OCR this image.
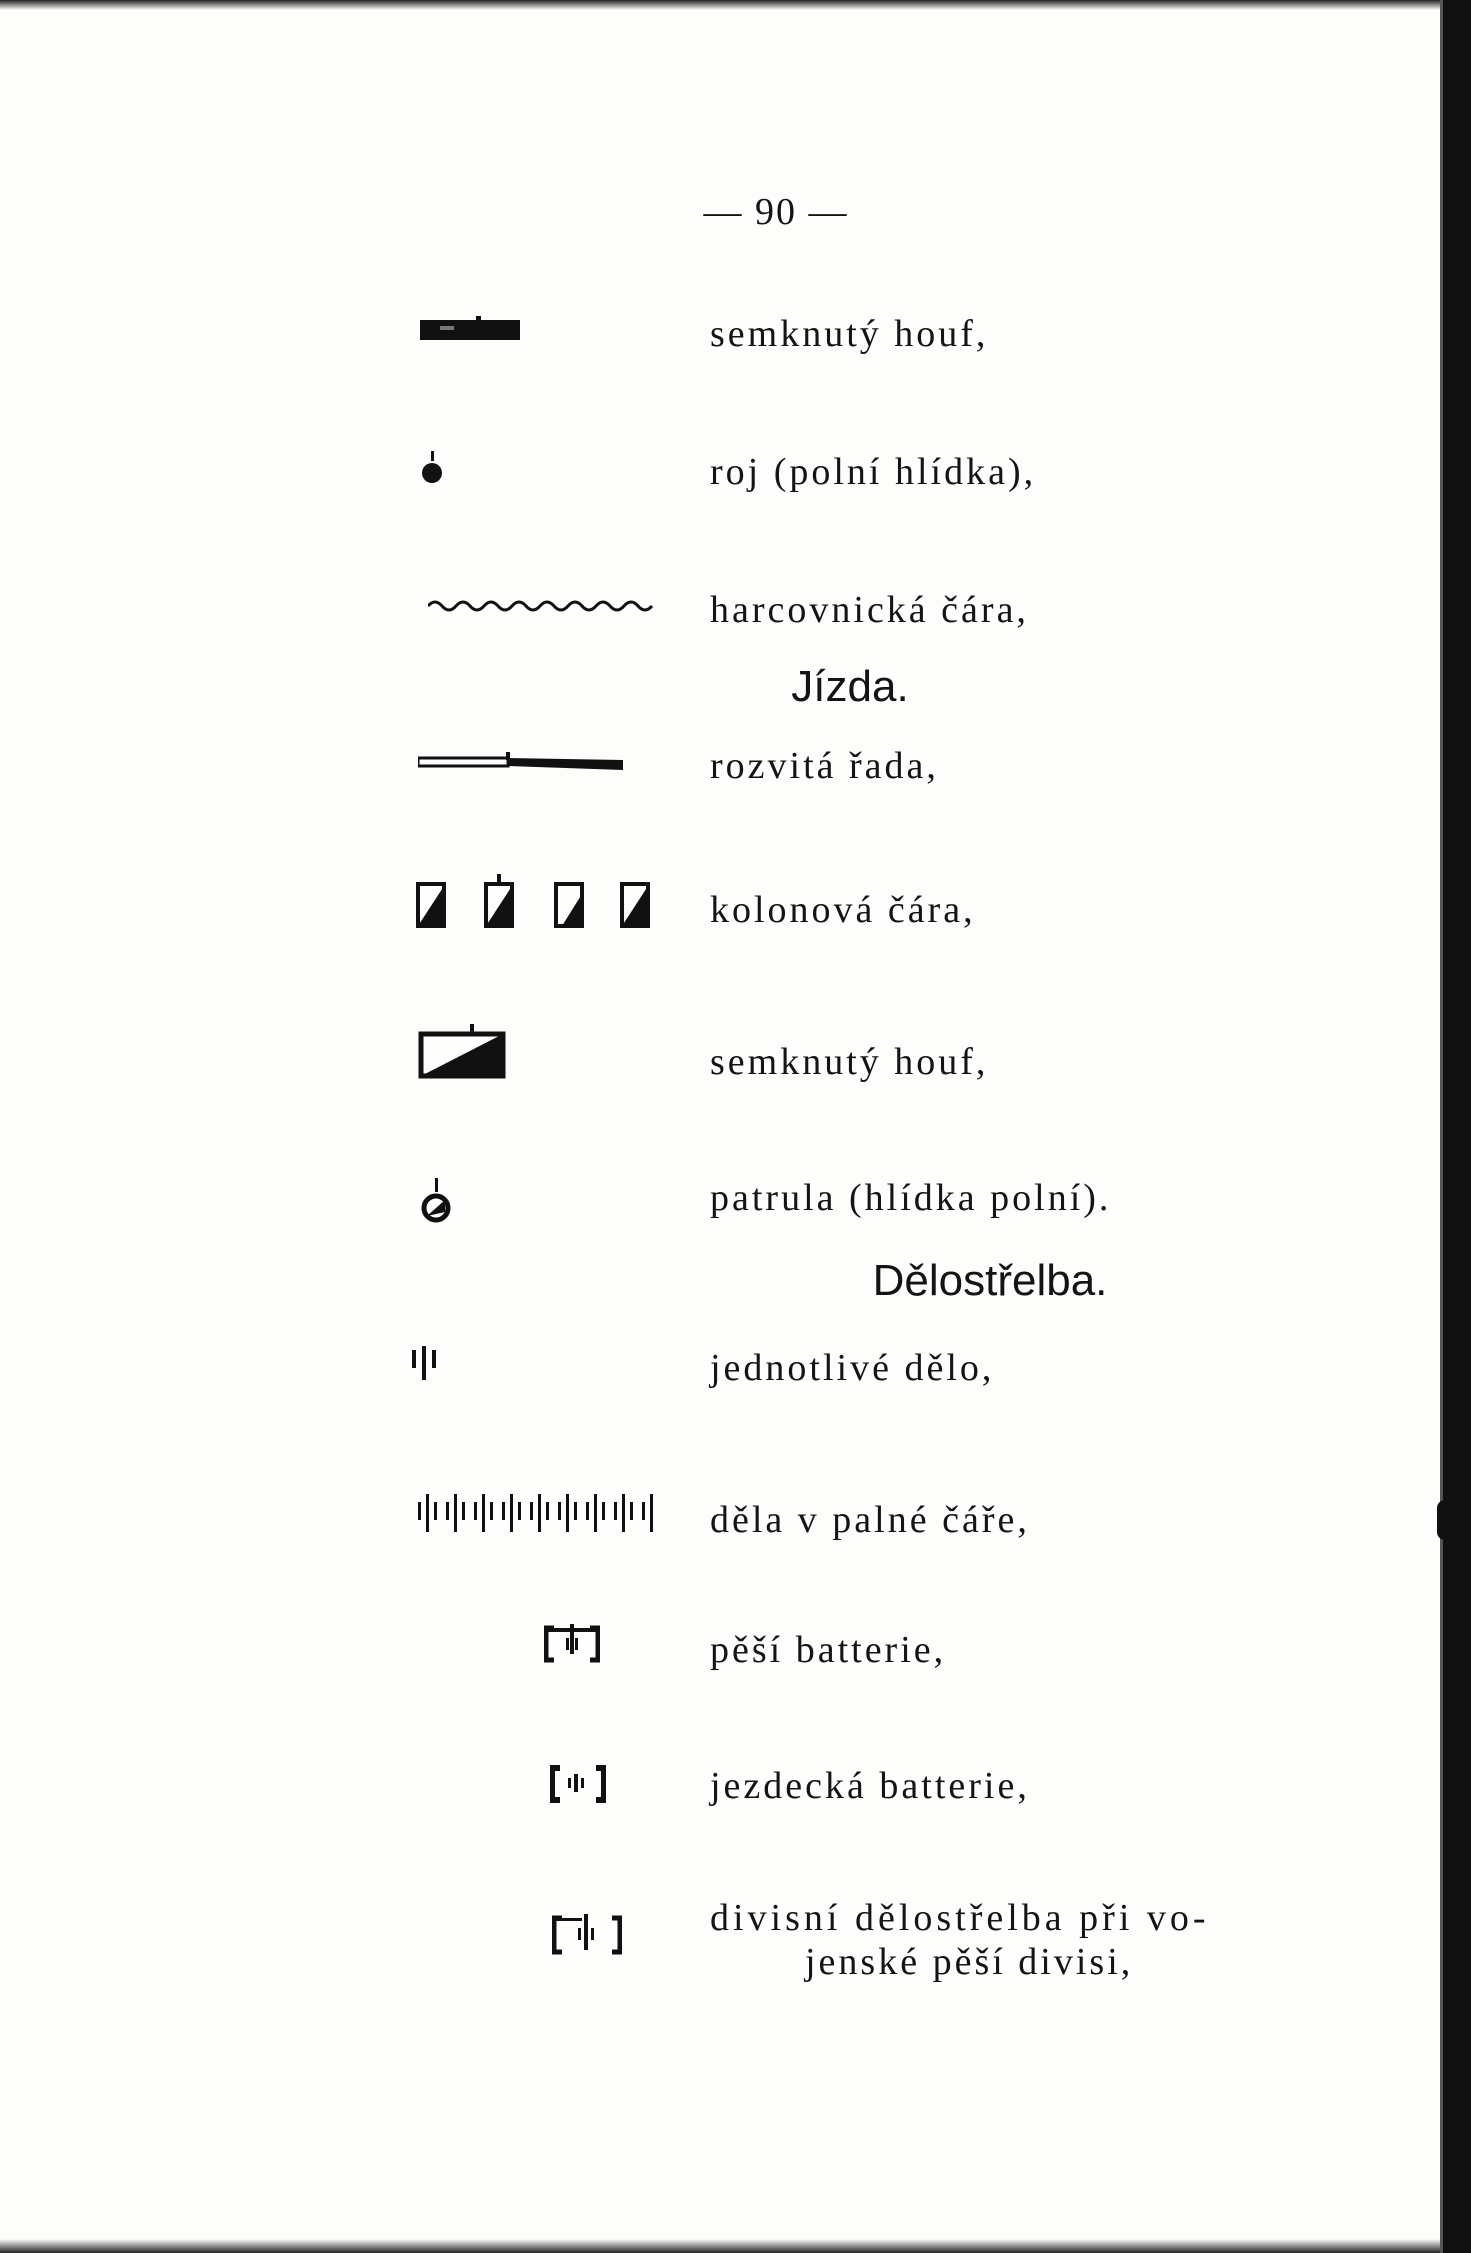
— 90 —
semknutý houf,
roj (polní hlídka),
harcovnická čára,
Jízda.
rozvitá řada,
kolonová čára,
semknutý houf,
patrula (hlídka polní).
Dělostřelba.
jednotlivé dělo,
děla v palné čáře,
pěší batterie,
jezdecká batterie,
divisní dělostřelba při vo-
jenské pěší divisi,
